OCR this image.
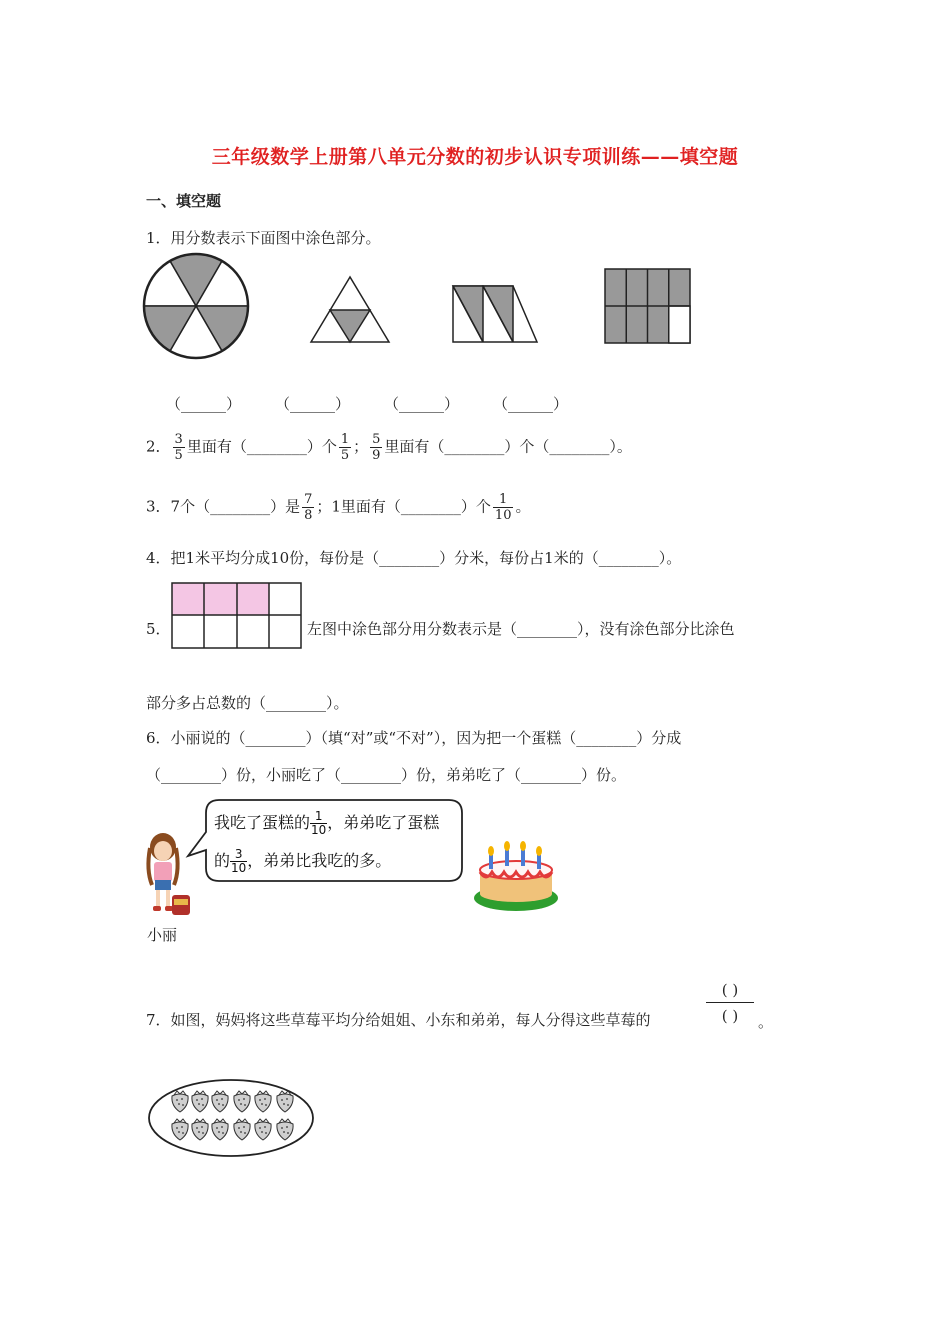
三年级数学上册第八单元分数的初步认识专项训练——填空题
一、填空题
1．用分数表示下面图中涂色部分。
（______） （______） （______） （______）
2． $\frac{3}{5}$ 里面有（________）个 $\frac{1}{5}$ ； $\frac{5}{9}$ 里面有（________）个（________）。
3．7个（________）是 $\frac{7}{8}$ ；1里面有（________）个 $\frac{1}{10}$ 。
4．把1米平均分成10份，每份是（________）分米，每份占1米的（________）。
5．	左图中涂色部分用分数表示是（________），没有涂色部分比涂色
部分多占总数的（________）。
6．小丽说的（________）（填“对”或“不对”），因为把一个蛋糕（________）分成
（________）份，小丽吃了（________）份，弟弟吃了（________）份。
我吃了蛋糕的 $\frac{1}{10}$ ，弟弟吃了蛋糕
的 $\frac{3}{10}$ ，弟弟比我吃的多。
小丽
7．如图，妈妈将这些草莓平均分给姐姐、小东和弟弟，每人分得这些草莓的
( )
( )	。
